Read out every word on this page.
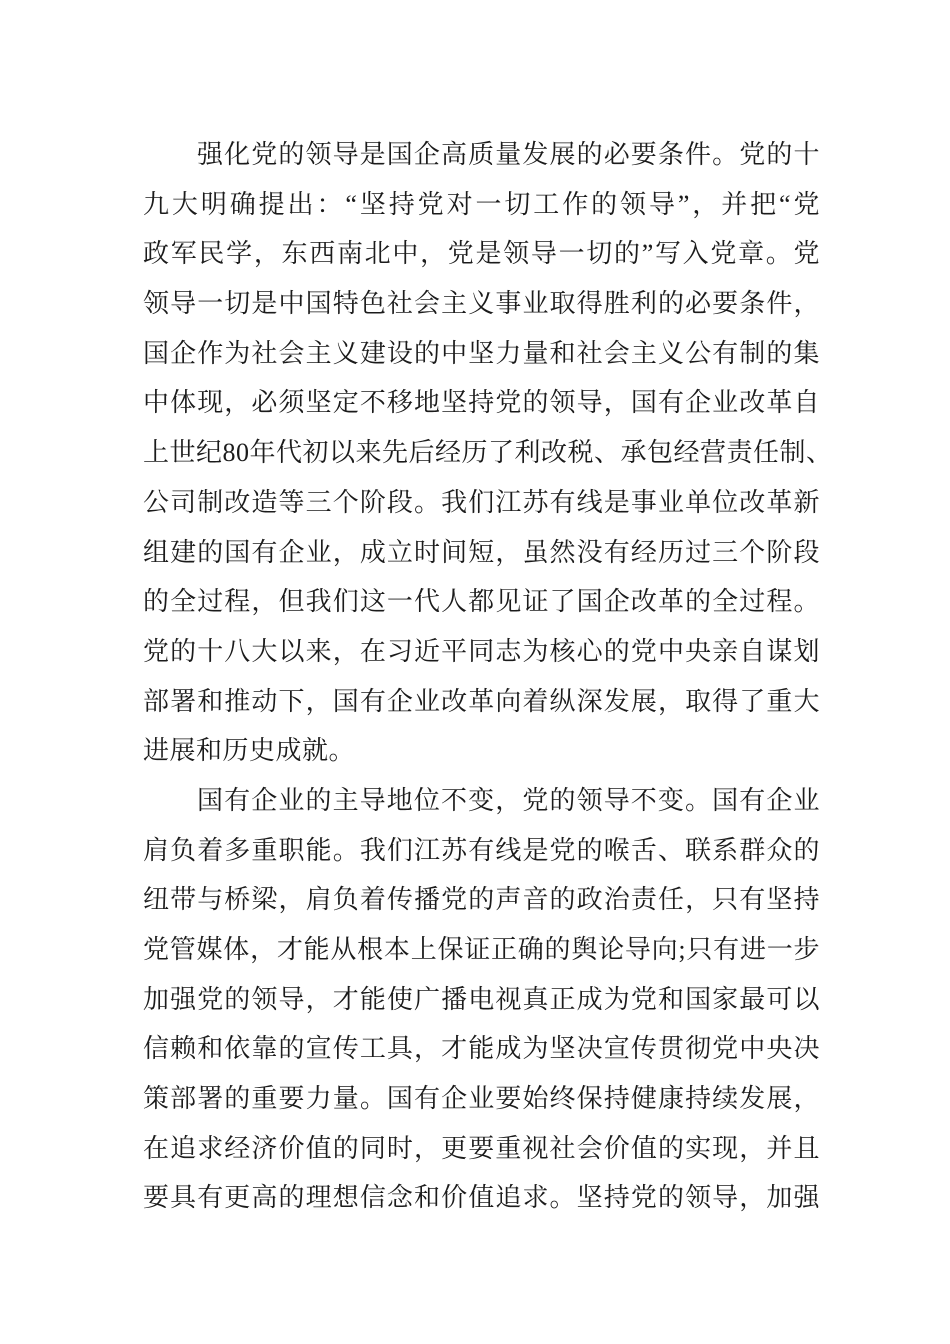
强化党的领导是国企高质量发展的必要条件。党的十
九大明确提出：“坚持党对一切工作的领导”，并把“党
政军民学，东西南北中，党是领导一切的”写入党章。党
领导一切是中国特色社会主义事业取得胜利的必要条件，
国企作为社会主义建设的中坚力量和社会主义公有制的集
中体现，必须坚定不移地坚持党的领导，国有企业改革自
上世纪80年代初以来先后经历了利改税、承包经营责任制、
公司制改造等三个阶段。我们江苏有线是事业单位改革新
组建的国有企业，成立时间短，虽然没有经历过三个阶段
的全过程，但我们这一代人都见证了国企改革的全过程。
党的十八大以来，在习近平同志为核心的党中央亲自谋划
部署和推动下，国有企业改革向着纵深发展，取得了重大
进展和历史成就。
国有企业的主导地位不变，党的领导不变。国有企业
肩负着多重职能。我们江苏有线是党的喉舌、联系群众的
纽带与桥梁，肩负着传播党的声音的政治责任，只有坚持
党管媒体，才能从根本上保证正确的舆论导向;只有进一步
加强党的领导，才能使广播电视真正成为党和国家最可以
信赖和依靠的宣传工具，才能成为坚决宣传贯彻党中央决
策部署的重要力量。国有企业要始终保持健康持续发展，
在追求经济价值的同时，更要重视社会价值的实现，并且
要具有更高的理想信念和价值追求。坚持党的领导，加强
